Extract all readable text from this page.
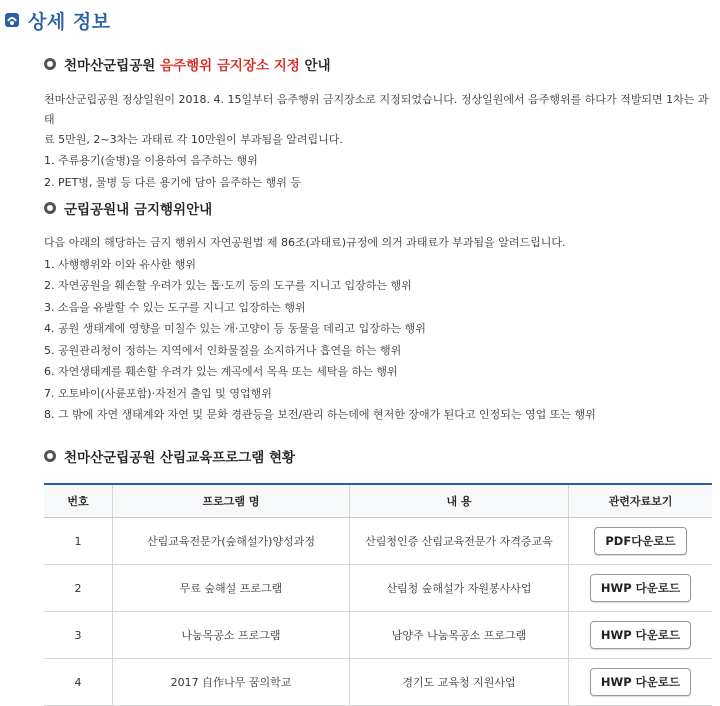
상세 정보
천마산군립공원 음주행위 금지장소 지정 안내
천마산군립공원 정상일원이 2018. 4. 15일부터 음주행위 금지장소로 지정되었습니다. 정상일원에서 음주행위를 하다가 적발되면 1차는 과태
료 5만원, 2~3차는 과태료 각 10만원이 부과됨을 알려립니다.
1. 주류용기(술병)을 이용하여 음주하는 행위
2. PET병, 물병 등 다른 용기에 담아 음주하는 행위 등
군립공원내 금지행위안내
다음 아래의 해당하는 금지 행위시 자연공원법 제 86조(과태료)규정에 의거 과태료가 부과됨을 알려드립니다.
1. 사행행위와 이와 유사한 행위
2. 자연공원을 훼손할 우려가 있는 톱·도끼 등의 도구를 지니고 입장하는 행위
3. 소음을 유발할 수 있는 도구를 지니고 입장하는 행위
4. 공원 생태계에 영향을 미칠수 있는 개·고양이 등 동물을 데리고 입장하는 행위
5. 공원관리청이 정하는 지역에서 인화물질을 소지하거나 흡연을 하는 행위
6. 자연생태계를 훼손할 우려가 있는 계곡에서 목욕 또는 세탁을 하는 행위
7. 오토바이(사륜포함)·자전거 출입 및 영업행위
8. 그 밖에 자연 생태계와 자연 및 문화 경관등을 보전/관리 하는데에 현저한 장애가 된다고 인정되는 영업 또는 행위
천마산군립공원 산림교육프로그램 현황
번호	프로그램 명	내 용	관련자료보기
1	산림교육전문가(숲해설가)양성과정	산림청인증 산림교육전문가 자격증교육	PDF다운로드
2	무료 숲해설 프로그램	산림청 숲해설가 자원봉사사업	HWP 다운로드
3	나눔목공소 프로그램	남양주 나눔목공소 프로그램	HWP 다운로드
4	2017 自作나무 꿈의학교	경기도 교육청 지원사업	HWP 다운로드
